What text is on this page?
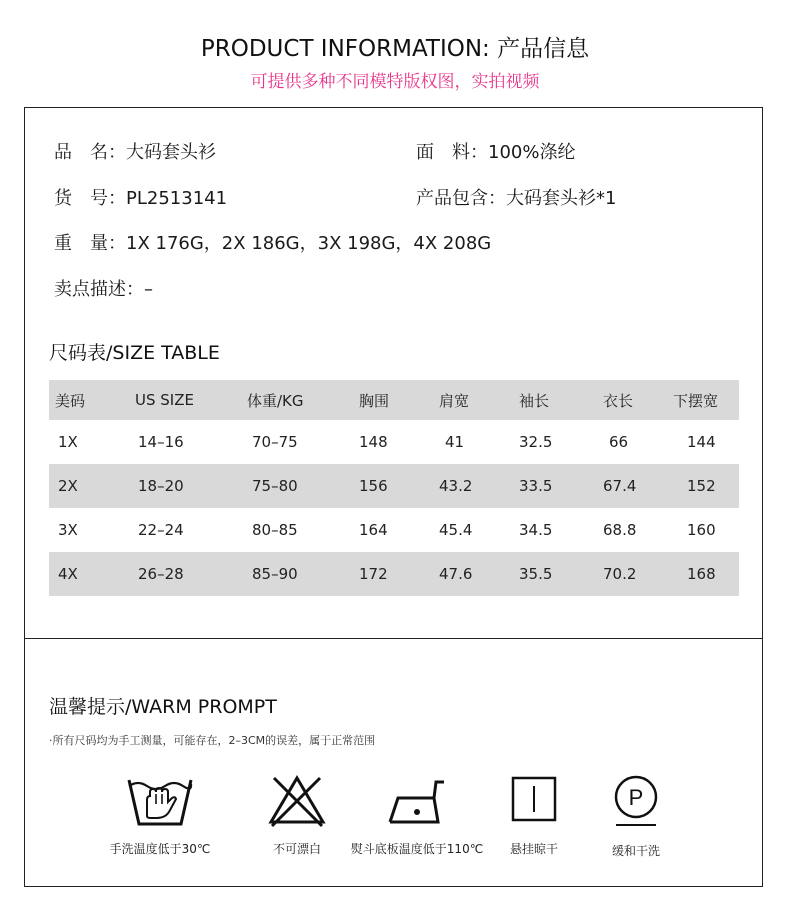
PRODUCT INFORMATION: 产品信息
可提供多种不同模特版权图，实拍视频
品　名：大码套头衫	面　料：100%涤纶
货　号：PL2513141	产品包含：大码套头衫*1
重　量：1X 176G，2X 186G，3X 198G，4X 208G
卖点描述：–
尺码表/SIZE TABLE
美码	US SIZE	体重/KG	胸围	肩宽	袖长	衣长	下摆宽
1X	14–16	70–75	148	41	32.5	66	144
2X	18–20	75–80	156	43.2	33.5	67.4	152
3X	22–24	80–85	164	45.4	34.5	68.8	160
4X	26–28	85–90	172	47.6	35.5	70.2	168
温馨提示/WARM PROMPT
·所有尺码均为手工测量，可能存在，2–3CM的误差，属于正常范围
手洗温度低于30℃	不可漂白	熨斗底板温度低于110℃	悬挂晾干
P
缓和干洗
